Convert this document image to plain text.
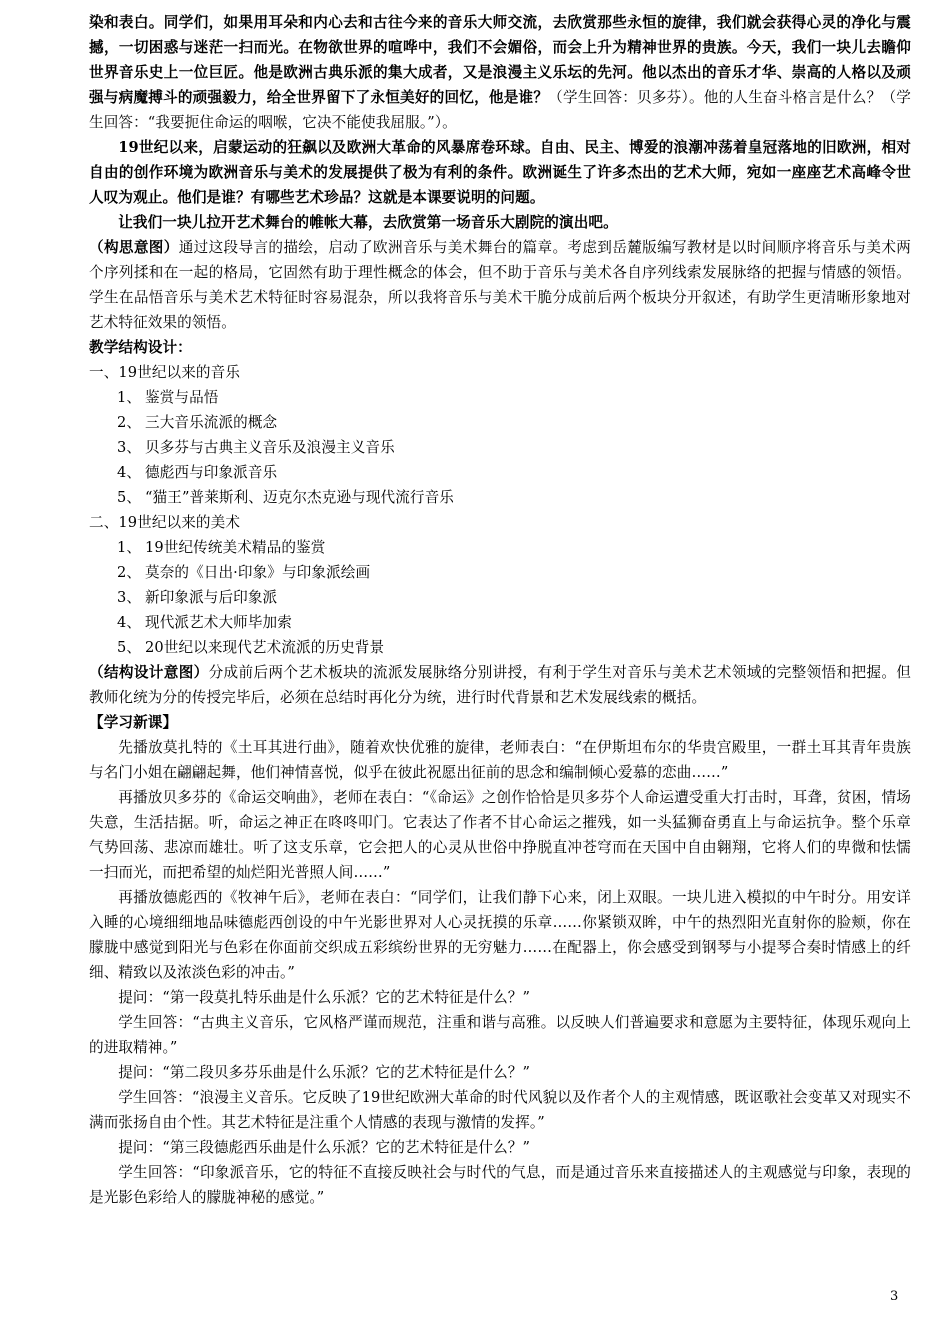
染和表白。同学们，如果用耳朵和内心去和古往今来的音乐大师交流，去欣赏那些永恒的旋律，我们就会获得心灵的净化与震撼，一切困惑与迷茫一扫而光。在物欲世界的喧哗中，我们不会媚俗，而会上升为精神世界的贵族。今天，我们一块儿去瞻仰世界音乐史上一位巨匠。他是欧洲古典乐派的集大成者，又是浪漫主义乐坛的先河。他以杰出的音乐才华、崇高的人格以及顽强与病魔搏斗的顽强毅力，给全世界留下了永恒美好的回忆，他是谁？（学生回答：贝多芬）。他的人生奋斗格言是什么？（学生回答：“我要扼住命运的咽喉，它决不能使我屈服。”）。

19世纪以来，启蒙运动的狂飙以及欧洲大革命的风暴席卷环球。自由、民主、博爱的浪潮冲荡着皇冠落地的旧欧洲，相对自由的创作环境为欧洲音乐与美术的发展提供了极为有利的条件。欧洲诞生了许多杰出的艺术大师，宛如一座座艺术高峰令世人叹为观止。他们是谁？有哪些艺术珍品？这就是本课要说明的问题。

让我们一块儿拉开艺术舞台的帷帐大幕，去欣赏第一场音乐大剧院的演出吧。

（构思意图）通过这段导言的描绘，启动了欧洲音乐与美术舞台的篇章。考虑到岳麓版编写教材是以时间顺序将音乐与美术两个序列揉和在一起的格局，它固然有助于理性概念的体会，但不助于音乐与美术各自序列线索发展脉络的把握与情感的领悟。学生在品悟音乐与美术艺术特征时容易混杂，所以我将音乐与美术干脆分成前后两个板块分开叙述，有助学生更清晰形象地对艺术特征效果的领悟。

教学结构设计：

一、19世纪以来的音乐

1、 鉴赏与品悟

2、 三大音乐流派的概念

3、 贝多芬与古典主义音乐及浪漫主义音乐

4、 德彪西与印象派音乐

5、 “猫王”普莱斯利、迈克尔杰克逊与现代流行音乐

二、19世纪以来的美术

1、 19世纪传统美术精品的鉴赏

2、 莫奈的《日出·印象》与印象派绘画

3、 新印象派与后印象派

4、 现代派艺术大师毕加索

5、 20世纪以来现代艺术流派的历史背景

（结构设计意图）分成前后两个艺术板块的流派发展脉络分别讲授，有利于学生对音乐与美术艺术领域的完整领悟和把握。但教师化统为分的传授完毕后，必须在总结时再化分为统，进行时代背景和艺术发展线索的概括。

【学习新课】

先播放莫扎特的《土耳其进行曲》，随着欢快优雅的旋律，老师表白：“在伊斯坦布尔的华贵宫殿里，一群土耳其青年贵族与名门小姐在翩翩起舞，他们神情喜悦，似乎在彼此祝愿出征前的思念和编制倾心爱慕的恋曲……”

再播放贝多芬的《命运交响曲》，老师在表白：“《命运》之创作恰恰是贝多芬个人命运遭受重大打击时，耳聋，贫困，情场失意，生活拮据。听，命运之神正在咚咚叩门。它表达了作者不甘心命运之摧残，如一头猛狮奋勇直上与命运抗争。整个乐章气势回荡、悲凉而雄壮。听了这支乐章，它会把人的心灵从世俗中挣脱直冲苍穹而在天国中自由翱翔，它将人们的卑微和怯懦一扫而光，而把希望的灿烂阳光普照人间……”

再播放德彪西的《牧神午后》，老师在表白：“同学们，让我们静下心来，闭上双眼。一块儿进入模拟的中午时分。用安详入睡的心境细细地品味德彪西创设的中午光影世界对人心灵抚摸的乐章……你紧锁双眸，中午的热烈阳光直射你的脸颊，你在朦胧中感觉到阳光与色彩在你面前交织成五彩缤纷世界的无穷魅力……在配器上，你会感受到钢琴与小提琴合奏时情感上的纤细、精致以及浓淡色彩的冲击。”

提问：“第一段莫扎特乐曲是什么乐派？它的艺术特征是什么？”

学生回答：“古典主义音乐，它风格严谨而规范，注重和谐与高雅。以反映人们普遍要求和意愿为主要特征，体现乐观向上的进取精神。”

提问：“第二段贝多芬乐曲是什么乐派？它的艺术特征是什么？”

学生回答：“浪漫主义音乐。它反映了19世纪欧洲大革命的时代风貌以及作者个人的主观情感，既讴歌社会变革又对现实不满而张扬自由个性。其艺术特征是注重个人情感的表现与激情的发挥。”

提问：“第三段德彪西乐曲是什么乐派？它的艺术特征是什么？”

学生回答：“印象派音乐，它的特征不直接反映社会与时代的气息，而是通过音乐来直接描述人的主观感觉与印象，表现的是光影色彩给人的朦胧神秘的感觉。”

3
